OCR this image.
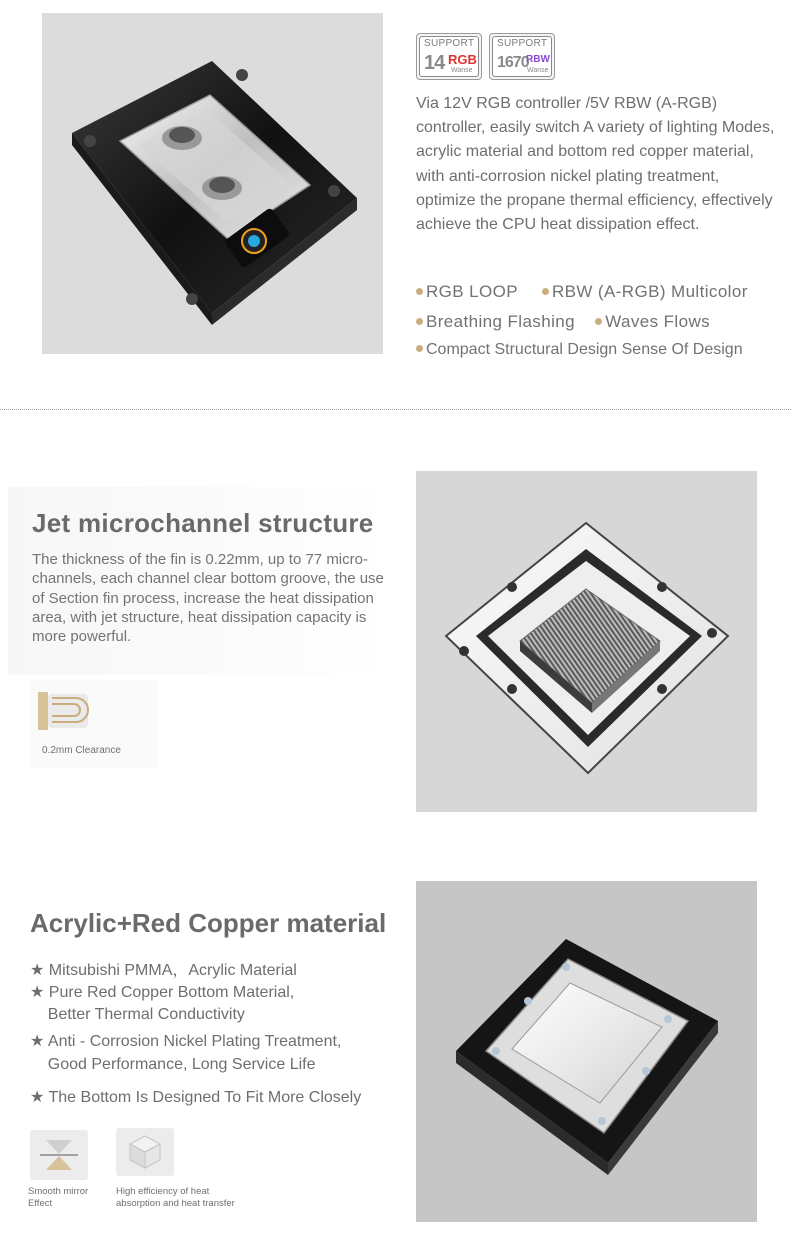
SUPPORT
14 RGB
Wanse
SUPPORT
1670
RBW
Wanse

Via 12V RGB controller /5V RBW (A-RGB) controller, easily switch A variety of lighting Modes, acrylic material and bottom red copper material, with anti-corrosion nickel plating treatment, optimize the propane thermal efficiency, effectively achieve the CPU heat dissipation effect.

RGB LOOP RBW (A-RGB) Multicolor
Breathing Flashing Waves Flows
Compact Structural Design Sense Of Design
Jet microchannel structure

The thickness of the fin is 0.22mm, up to 77 micro-channels, each channel clear bottom groove, the use of Section fin process, increase the heat dissipation area, with jet structure, heat dissipation capacity is more powerful.

0.2mm Clearance
Acrylic+Red Copper material
★ Mitsubishi PMMA，Acrylic Material
★ Pure Red Copper Bottom Material,
Better Thermal Conductivity
★ Anti - Corrosion Nickel Plating Treatment,
Good Performance, Long Service Life
★ The Bottom Is Designed To Fit More Closely
Smooth mirror
Effect
High efficiency of heat
absorption and heat transfer
